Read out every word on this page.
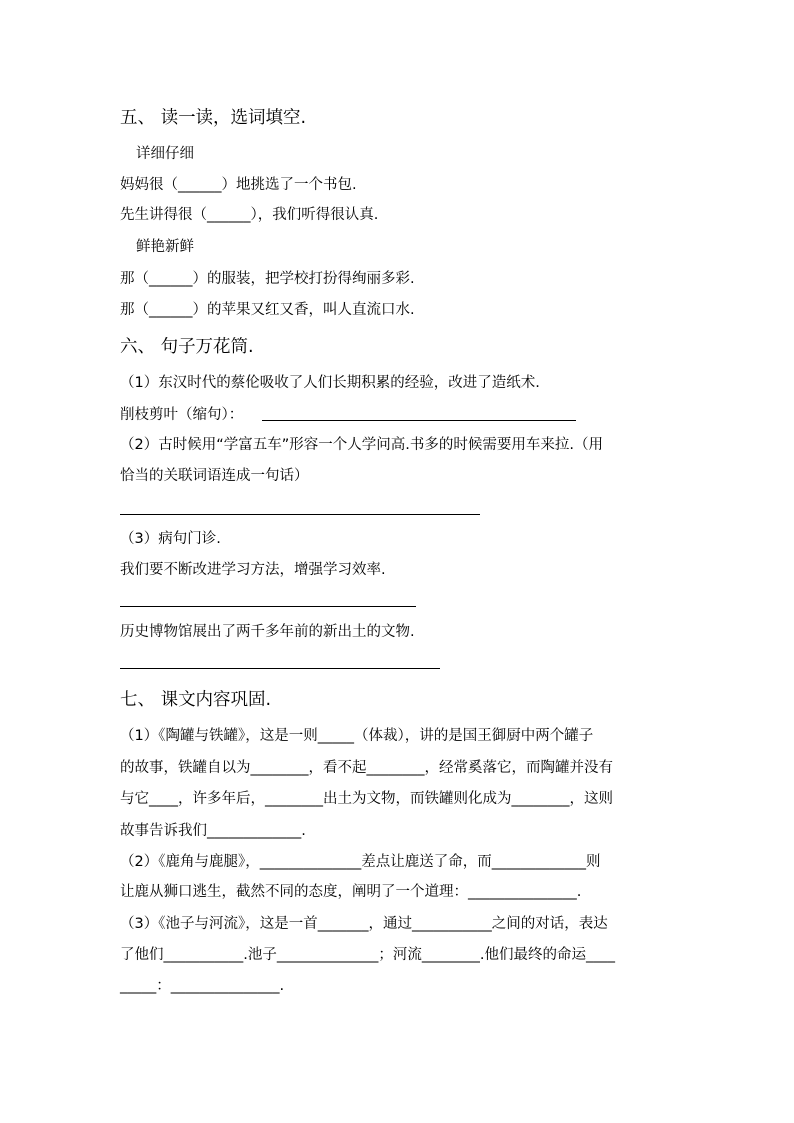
五、 读一读，选词填空.
详细仔细
妈妈很（______）地挑选了一个书包.
先生讲得很（______），我们听得很认真.
鲜艳新鲜
那（______）的服装，把学校打扮得绚丽多彩.
那（______）的苹果又红又香，叫人直流口水.
六、 句子万花筒.
（1）东汉时代的蔡伦吸收了人们长期积累的经验，改进了造纸术.
削枝剪叶（缩句）：
（2）古时候用“学富五车”形容一个人学问高.书多的时候需要用车来拉.（用
恰当的关联词语连成一句话）
（3）病句门诊.
我们要不断改进学习方法，增强学习效率.
历史博物馆展出了两千多年前的新出土的文物.
七、 课文内容巩固.
（1）《陶罐与铁罐》，这是一则_____（体裁），讲的是国王御厨中两个罐子
的故事，铁罐自以为________，看不起________，经常奚落它，而陶罐并没有
与它____，许多年后，________出土为文物，而铁罐则化成为________，这则
故事告诉我们_____________.
（2）《鹿角与鹿腿》，______________差点让鹿送了命，而_____________则
让鹿从狮口逃生，截然不同的态度，阐明了一个道理：_______________.
（3）《池子与河流》，这是一首_______，通过___________之间的对话，表达
了他们___________.池子______________；河流________.他们最终的命运____
_____：_______________.
